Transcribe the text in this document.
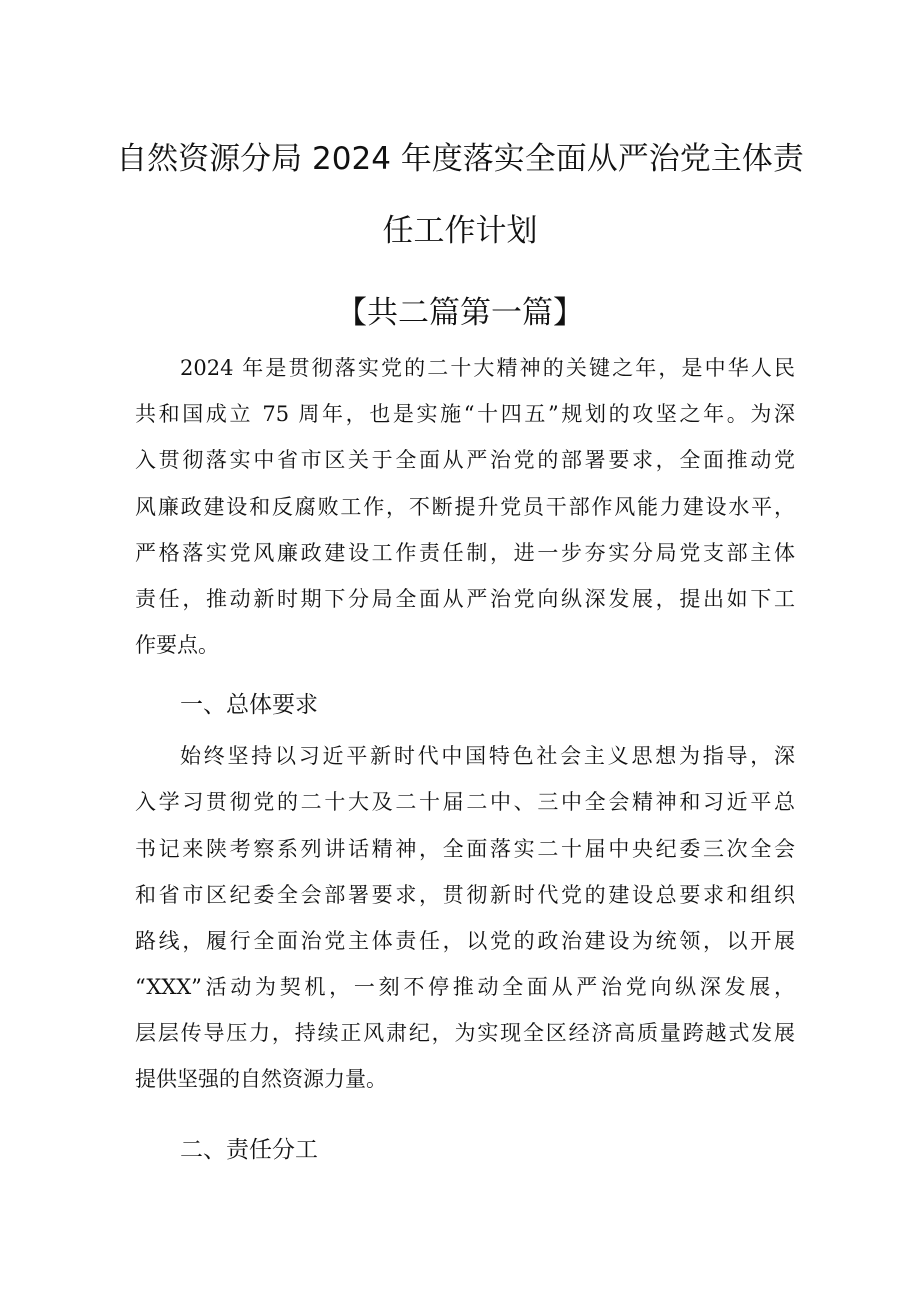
自然资源分局 2024 年度落实全面从严治党主体责
任工作计划
【共二篇第一篇】
2024 年是贯彻落实党的二十大精神的关键之年，是中华人民
共和国成立 75 周年，也是实施“十四五”规划的攻坚之年。为深
入贯彻落实中省市区关于全面从严治党的部署要求，全面推动党
风廉政建设和反腐败工作，不断提升党员干部作风能力建设水平，
严格落实党风廉政建设工作责任制，进一步夯实分局党支部主体
责任，推动新时期下分局全面从严治党向纵深发展，提出如下工
作要点。
一、总体要求
始终坚持以习近平新时代中国特色社会主义思想为指导，深
入学习贯彻党的二十大及二十届二中、三中全会精神和习近平总
书记来陕考察系列讲话精神，全面落实二十届中央纪委三次全会
和省市区纪委全会部署要求，贯彻新时代党的建设总要求和组织
路线，履行全面治党主体责任，以党的政治建设为统领，以开展
“XXX”活动为契机，一刻不停推动全面从严治党向纵深发展，
层层传导压力，持续正风肃纪，为实现全区经济高质量跨越式发展
提供坚强的自然资源力量。
二、责任分工
